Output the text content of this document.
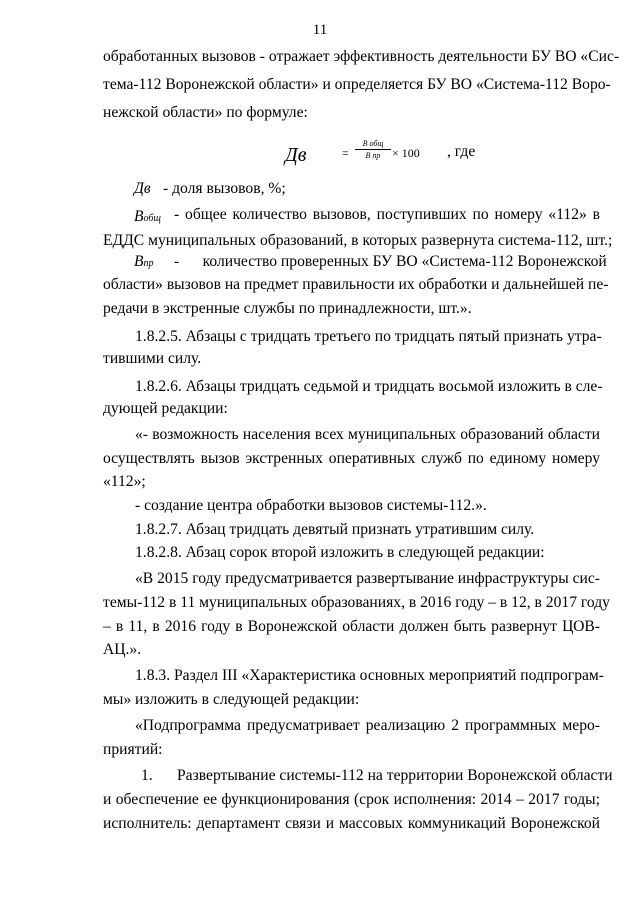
11
обработанных вызовов - отражает эффективность деятельности БУ ВО «Сис-
тема-112 Воронежской области» и определяется БУ ВО «Система-112 Воро-
нежской области» по формуле:
Дв	=
В общ
В пр × 100 , где
Дв - доля вызовов, %;
Вобщ - общее количество вызовов, поступивших по номеру «112» в
ЕДДС муниципальных образований, в которых развернута система-112, шт.;
Впр -      количество проверенных БУ ВО «Система-112 Воронежской
области» вызовов на предмет правильности их обработки и дальнейшей пе-
редачи в экстренные службы по принадлежности, шт.».
1.8.2.5. Абзацы с тридцать третьего по тридцать пятый признать утра-
тившими силу.
1.8.2.6. Абзацы тридцать седьмой и тридцать восьмой изложить в сле-
дующей редакции:
«- возможность населения всех муниципальных образований области
осуществлять вызов экстренных оперативных служб по единому номеру
«112»;
- создание центра обработки вызовов системы-112.».
1.8.2.7. Абзац тридцать девятый признать утратившим силу.
1.8.2.8. Абзац сорок второй изложить в следующей редакции:
«В 2015 году предусматривается развертывание инфраструктуры сис-
темы-112 в 11 муниципальных образованиях, в 2016 году – в 12, в 2017 году
– в 11, в 2016 году в Воронежской области должен быть развернут ЦОВ-
АЦ.».
1.8.3. Раздел III «Характеристика основных мероприятий подпрограм-
мы» изложить в следующей редакции:
«Подпрограмма предусматривает реализацию 2 программных меро-
приятий:
1.	Развертывание системы-112 на территории Воронежской области
и обеспечение ее функционирования (срок исполнения: 2014 – 2017 годы;
исполнитель: департамент связи и массовых коммуникаций Воронежской
